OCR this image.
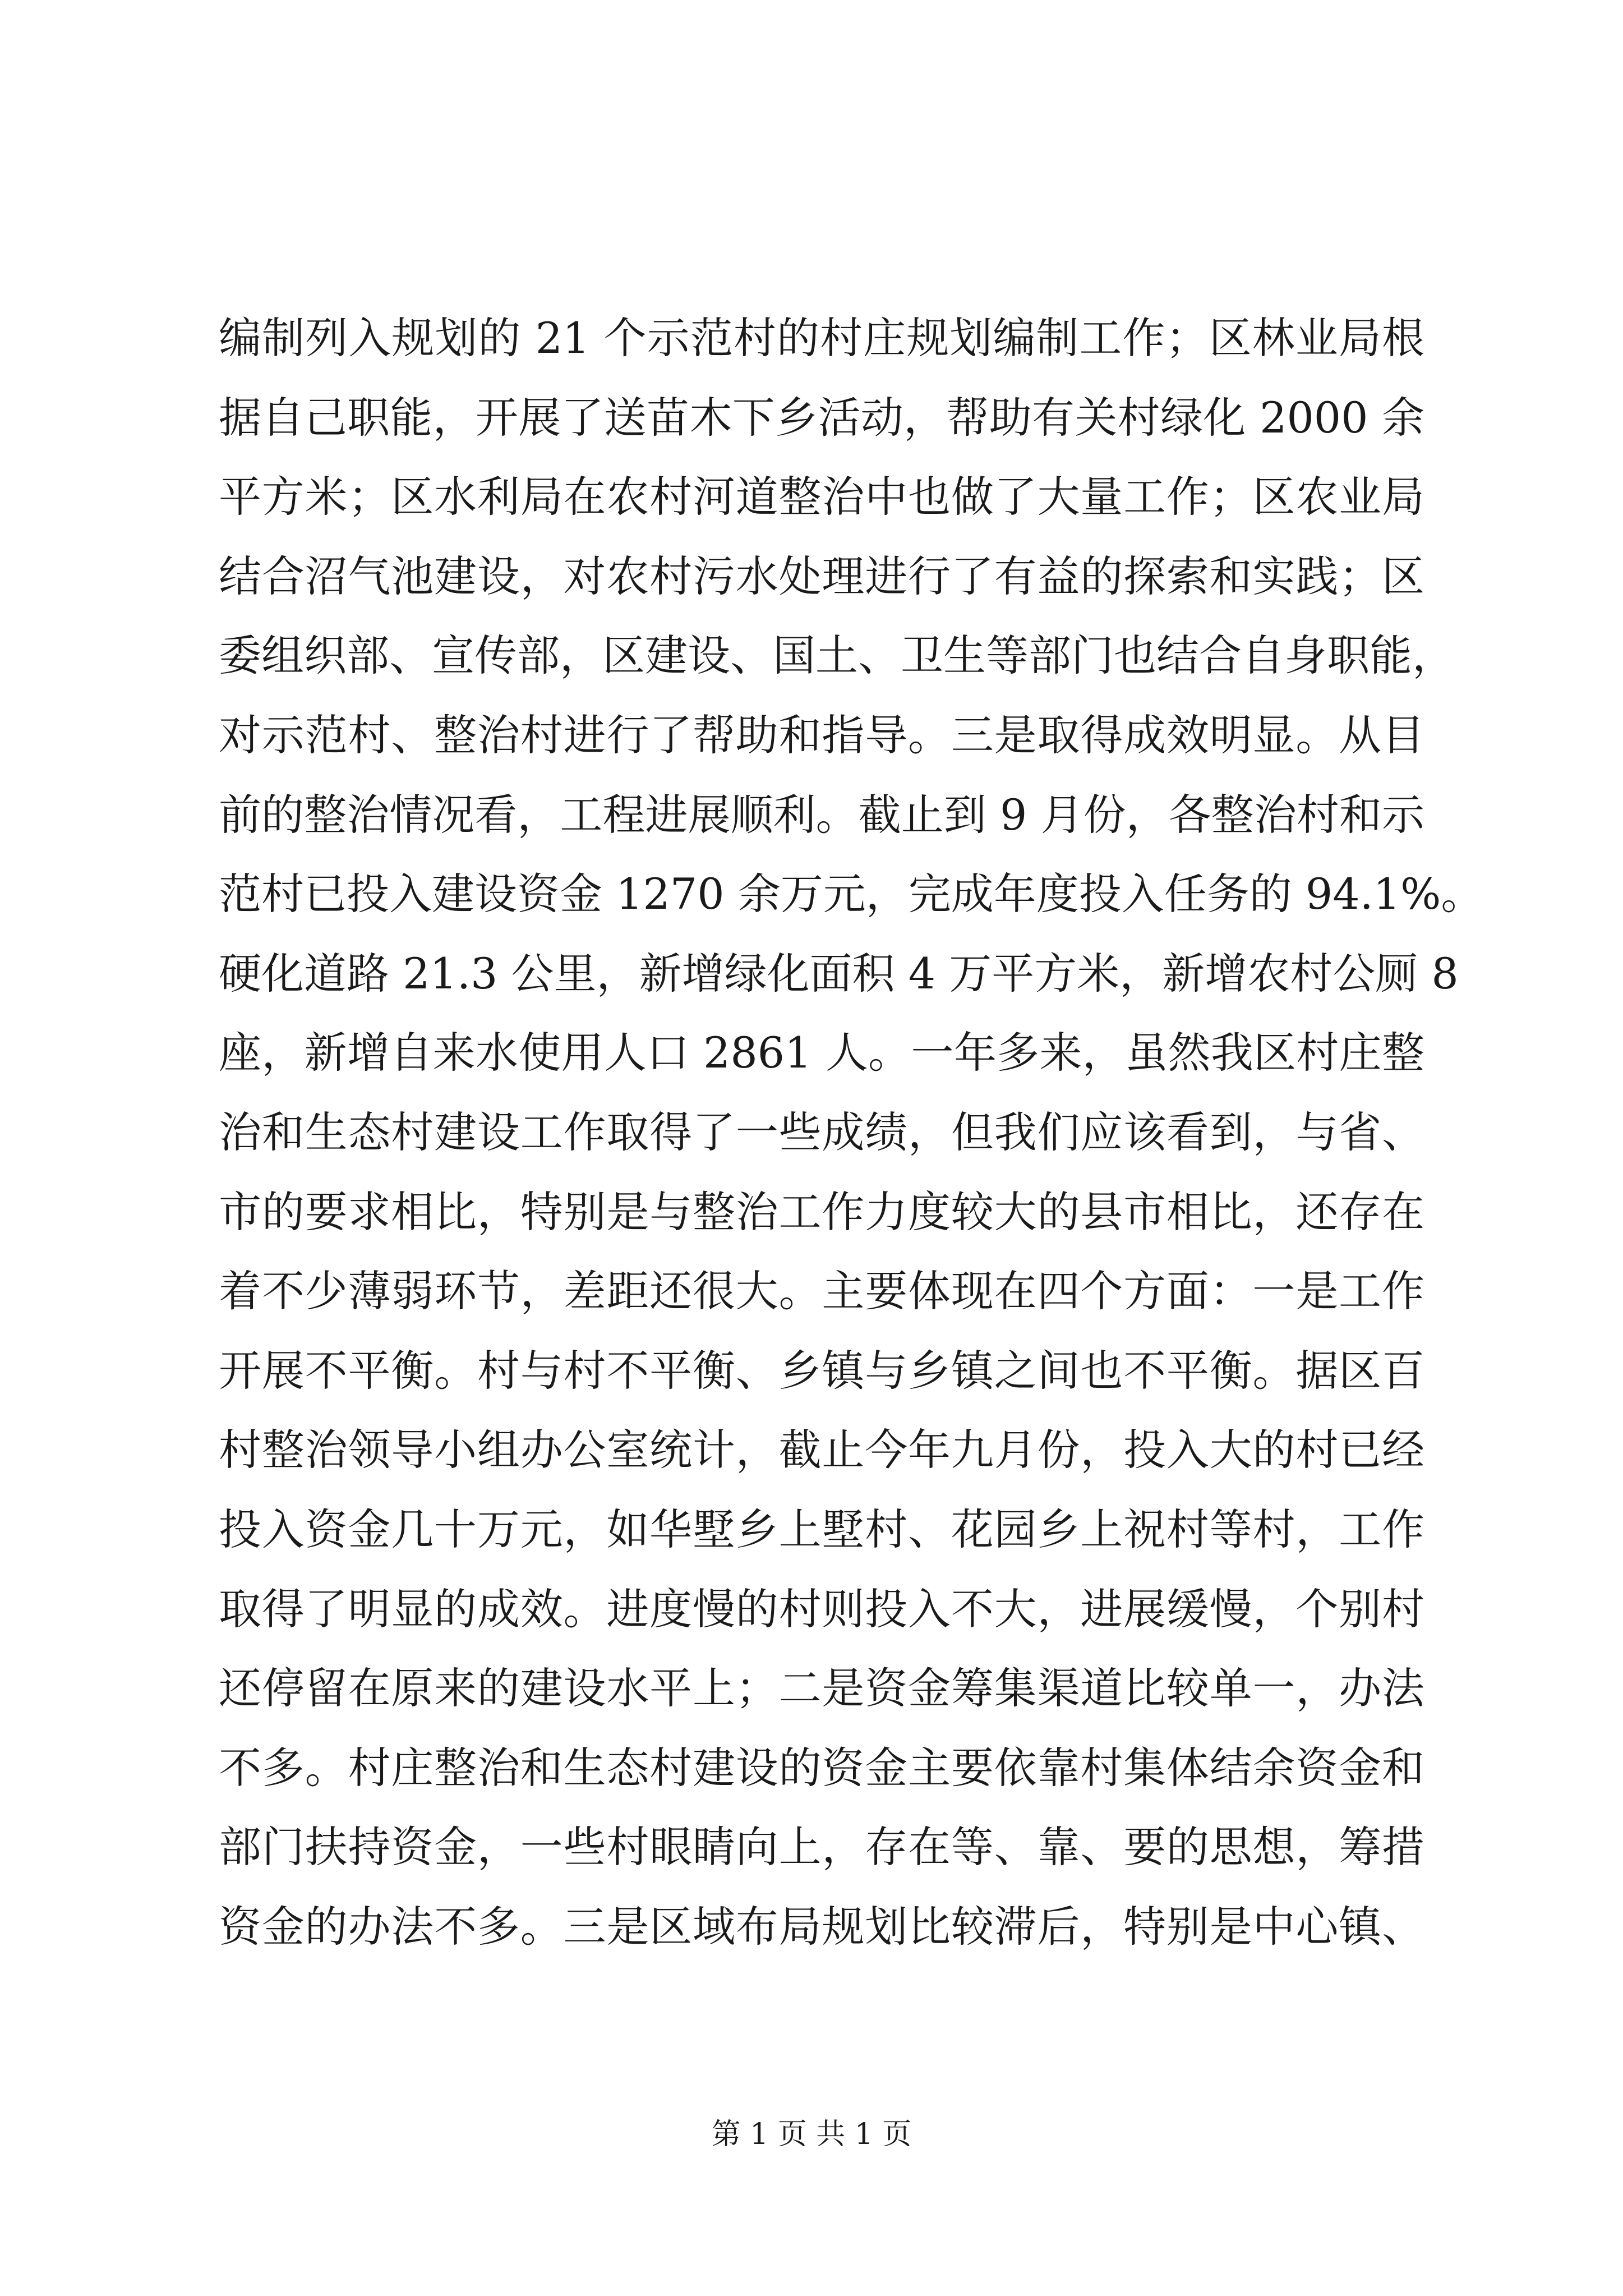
编制列入规划的 21 个示范村的村庄规划编制工作；区林业局根
据自己职能，开展了送苗木下乡活动，帮助有关村绿化 2000 余
平方米；区水利局在农村河道整治中也做了大量工作；区农业局
结合沼气池建设，对农村污水处理进行了有益的探索和实践；区
委组织部、宣传部，区建设、国土、卫生等部门也结合自身职能，
对示范村、整治村进行了帮助和指导。三是取得成效明显。从目
前的整治情况看，工程进展顺利。截止到 9 月份，各整治村和示
范村已投入建设资金 1270 余万元，完成年度投入任务的 94.1%。
硬化道路 21.3 公里，新增绿化面积 4 万平方米，新增农村公厕 8
座，新增自来水使用人口 2861 人。一年多来，虽然我区村庄整
治和生态村建设工作取得了一些成绩，但我们应该看到，与省、
市的要求相比，特别是与整治工作力度较大的县市相比，还存在
着不少薄弱环节，差距还很大。主要体现在四个方面：一是工作
开展不平衡。村与村不平衡、乡镇与乡镇之间也不平衡。据区百
村整治领导小组办公室统计，截止今年九月份，投入大的村已经
投入资金几十万元，如华墅乡上墅村、花园乡上祝村等村，工作
取得了明显的成效。进度慢的村则投入不大，进展缓慢，个别村
还停留在原来的建设水平上；二是资金筹集渠道比较单一，办法
不多。村庄整治和生态村建设的资金主要依靠村集体结余资金和
部门扶持资金，一些村眼睛向上，存在等、靠、要的思想，筹措
资金的办法不多。三是区域布局规划比较滞后，特别是中心镇、
第 1 页 共 1 页
